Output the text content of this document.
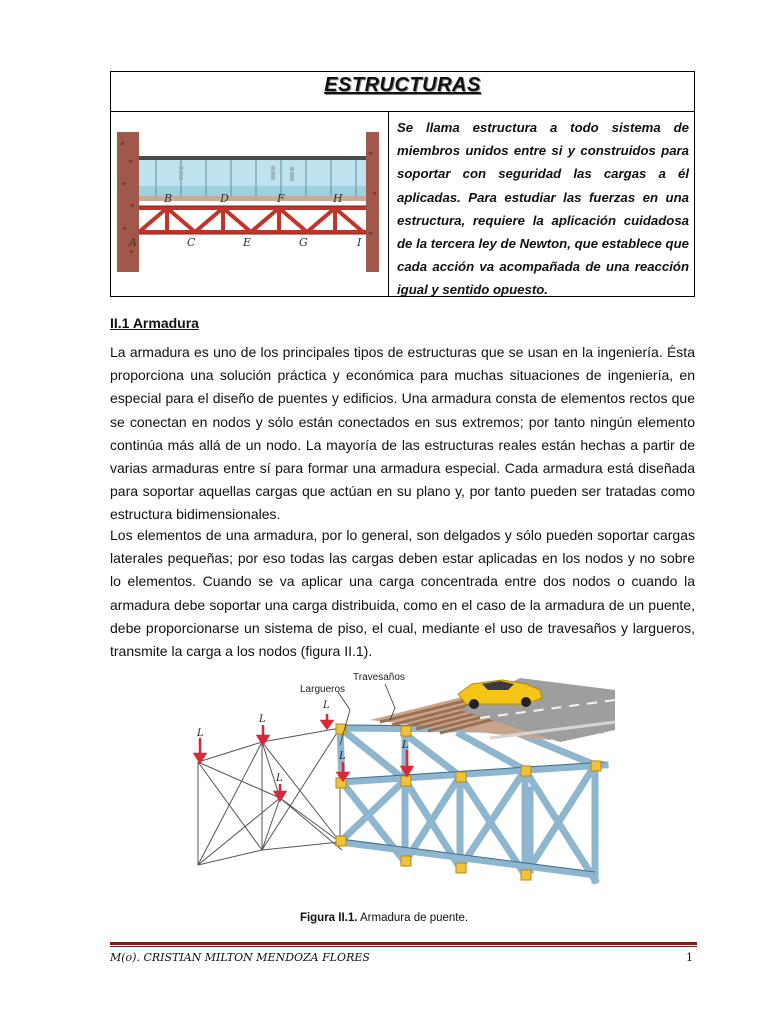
ESTRUCTURAS
B	D	F	H
A	C	E	G	I

Se llama estructura a todo sistema de miembros unidos entre si y construidos para soportar con seguridad las cargas a él aplicadas. Para estudiar las fuerzas en una estructura, requiere la aplicación cuidadosa de la tercera ley de Newton, que establece que cada acción va acompañada de una reacción igual y sentido opuesto.

II.1 Armadura

La armadura es uno de los principales tipos de estructuras que se usan en la ingeniería. Ésta proporciona una solución práctica y económica para muchas situaciones de ingeniería, en especial para el diseño de puentes y edificios. Una armadura consta de elementos rectos que se conectan en nodos y sólo están conectados en sus extremos; por tanto ningún elemento continúa más allá de un nodo. La mayoría de las estructuras reales están hechas a partir de varias armaduras entre sí para formar una armadura especial. Cada armadura está diseñada para soportar aquellas cargas que actúan en su plano y, por tanto pueden ser tratadas como estructura bidimensionales.

Los elementos de una armadura, por lo general, son delgados y sólo pueden soportar cargas laterales pequeñas; por eso todas las cargas deben estar aplicadas en los nodos y no sobre lo elementos. Cuando se va aplicar una carga concentrada entre dos nodos o cuando la armadura debe soportar una carga distribuida, como en el caso de la armadura de un puente, debe proporcionarse un sistema de piso, el cual, mediante el uso de travesaños y largueros, transmite la carga a los nodos (figura II.1).

L
L
L
L
L
L
Largueros
Travesaños
Figura II.1. Armadura de puente.
M(o). CRISTIAN MILTON MENDOZA FLORES	1
